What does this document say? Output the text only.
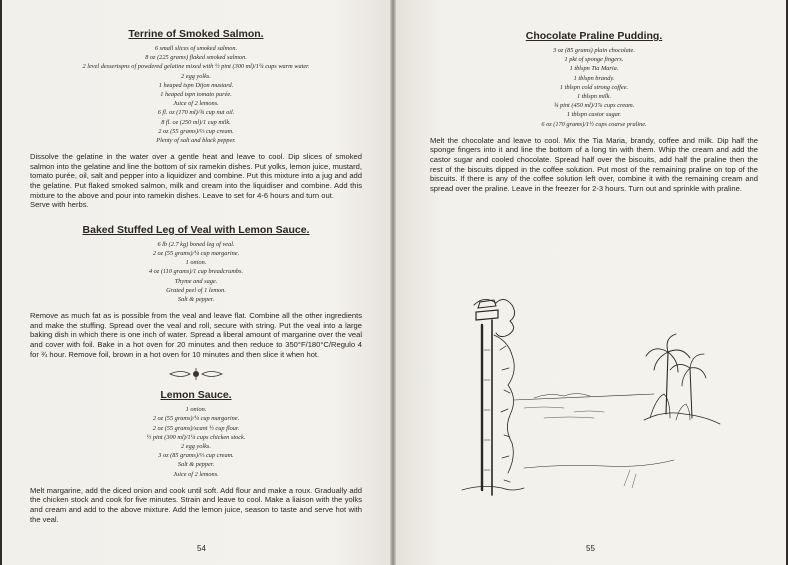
Terrine of Smoked Salmon.
6 small slices of smoked salmon.
8 oz (225 grams) flaked smoked salmon.
2 level dessertspns of powdered gelatine mixed with ½ pint (300 ml)/1¼ cups warm water.
2 egg yolks.
1 heaped tspn Dijon mustard.
1 heaped tspn tomato purée.
Juice of 2 lemons.
6 fl. oz (170 ml)/¾ cup nut oil.
8 fl. oz (250 ml)/1 cup milk.
2 oz (55 grams)/⅓ cup cream.
Plenty of salt and black pepper.

Dissolve the gelatine in the water over a gentle heat and leave to cool. Dip slices of smoked salmon into the gelatine and line the bottom of six ramekin dishes. Put yolks, lemon juice, mustard, tomato purée, oil, salt and pepper into a liquidizer and combine. Put this mixture into a jug and add the gelatine. Put flaked smoked salmon, milk and cream into the liquidiser and combine. Add this mixture to the above and pour into ramekin dishes. Leave to set for 4-6 hours and turn out.
Serve with herbs.

Baked Stuffed Leg of Veal with Lemon Sauce.
6 lb (2.7 kg) boned leg of veal.
2 oz (55 grams)/¼ cup margarine.
1 onion.
4 oz (110 grams)/1 cup breadcrumbs.
Thyme and sage.
Grated peel of 1 lemon.
Salt & pepper.

Remove as much fat as is possible from the veal and leave flat. Combine all the other ingredients and make the stuffing. Spread over the veal and roll, secure with string. Put the veal into a large baking dish in which there is one inch of water. Spread a liberal amount of margarine over the veal and cover with foil. Bake in a hot oven for 20 minutes and then reduce to 350°F/180°C/Regulo 4 for ¾ hour. Remove foil, brown in a hot oven for 10 minutes and then slice it when hot.

Lemon Sauce.
1 onion.
2 oz (55 grams)/¼ cup margarine.
2 oz (55 grams)/scant ½ cup flour.
½ pint (300 ml)/1¼ cups chicken stock.
2 egg yolks.
3 oz (85 grams)/⅓ cup cream.
Salt & pepper.
Juice of 2 lemons.

Melt margarine, add the diced onion and cook until soft. Add flour and make a roux. Gradually add the chicken stock and cook for five minutes. Strain and leave to cool. Make a liaison with the yolks and cream and add to the above mixture. Add the lemon juice, season to taste and serve hot with the veal.

54
Chocolate Praline Pudding.
3 oz (85 grams) plain chocolate.
1 pkt of sponge fingers.
1 tblspn Tia Maria.
1 tblspn brandy.
1 tblspn cold strong coffee.
1 tblspn milk.
¾ pint (450 ml)/1⅞ cups cream.
1 tblspn castor sugar.
6 oz (170 grams)/1½ cups coarse praline.

Melt the chocolate and leave to cool. Mix the Tia Maria, brandy, coffee and milk. Dip half the sponge fingers into it and line the bottom of a long tin with them. Whip the cream and add the castor sugar and cooled chocolate. Spread half over the biscuits, add half the praline then the rest of the biscuits dipped in the coffee solution. Put most of the remaining praline on top of the biscuits. If there is any of the coffee solution left over, combine it with the remaining cream and spread over the praline. Leave in the freezer for 2-3 hours. Turn out and sprinkle with praline.

55
